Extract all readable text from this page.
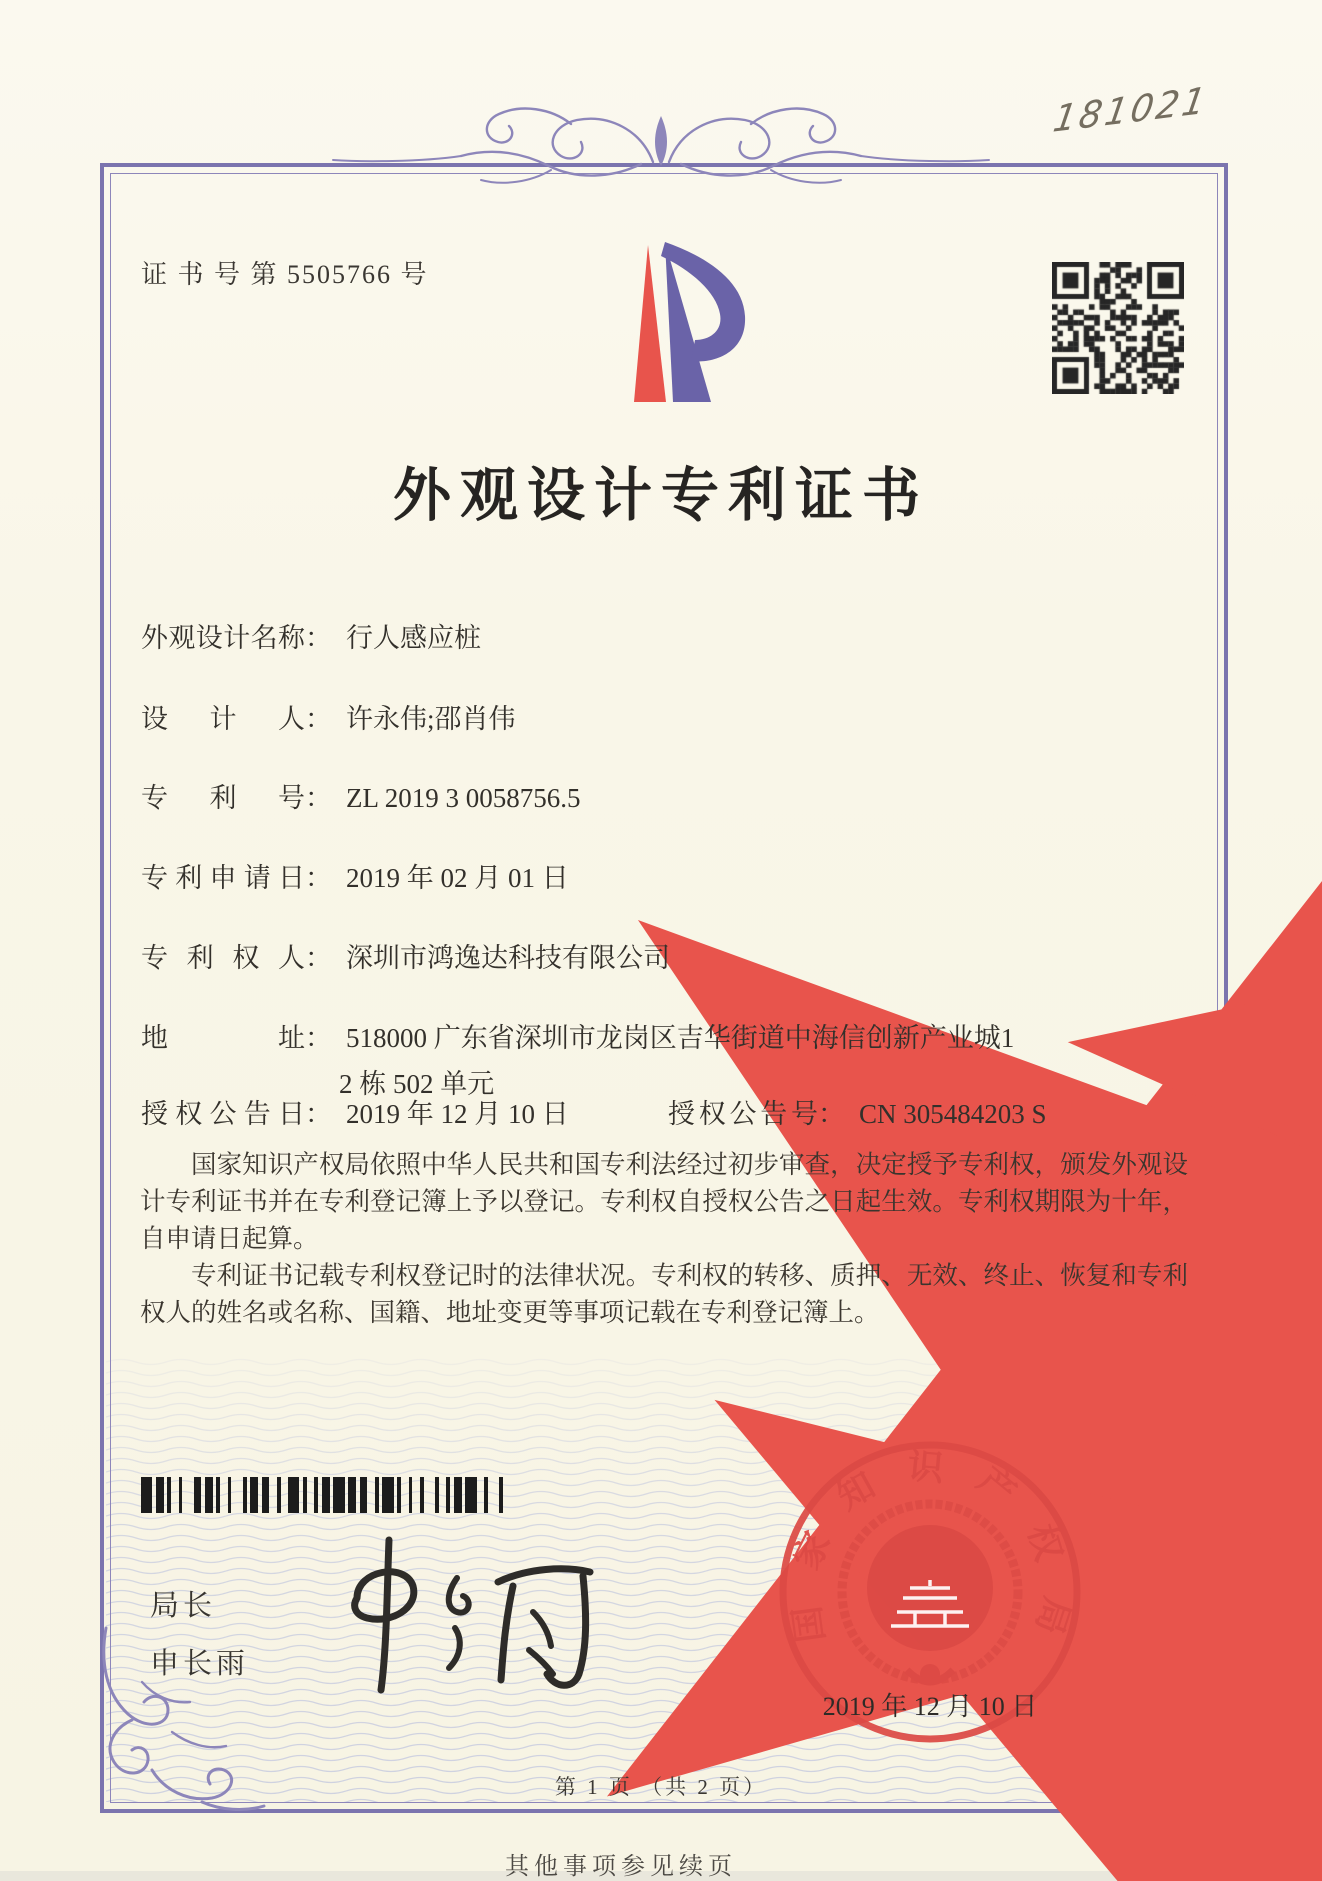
181021
证 书 号 第 5505766 号
外观设计专利证书
外观设计名称： 行人感应桩
设计人： 许永伟;邵肖伟
专利号： ZL 2019 3 0058756.5
专利申请日： 2019 年 02 月 01 日
专利权人： 深圳市鸿逸达科技有限公司
地址： 518000 广东省深圳市龙岗区吉华街道中海信创新产业城1
2 栋 502 单元
授权公告日： 2019 年 12 月 10 日	授权公告号： CN 305484203 S

国家知识产权局依照中华人民共和国专利法经过初步审查，决定授予专利权，颁发外观设计专利证书并在专利登记簿上予以登记。专利权自授权公告之日起生效。专利权期限为十年，自申请日起算。

专利证书记载专利权登记时的法律状况。专利权的转移、质押、无效、终止、恢复和专利权人的姓名或名称、国籍、地址变更等事项记载在专利登记簿上。

局长
申长雨
国家知识产权局
2019 年 12 月 10 日
第 1 页 （共 2 页）
其他事项参见续页
